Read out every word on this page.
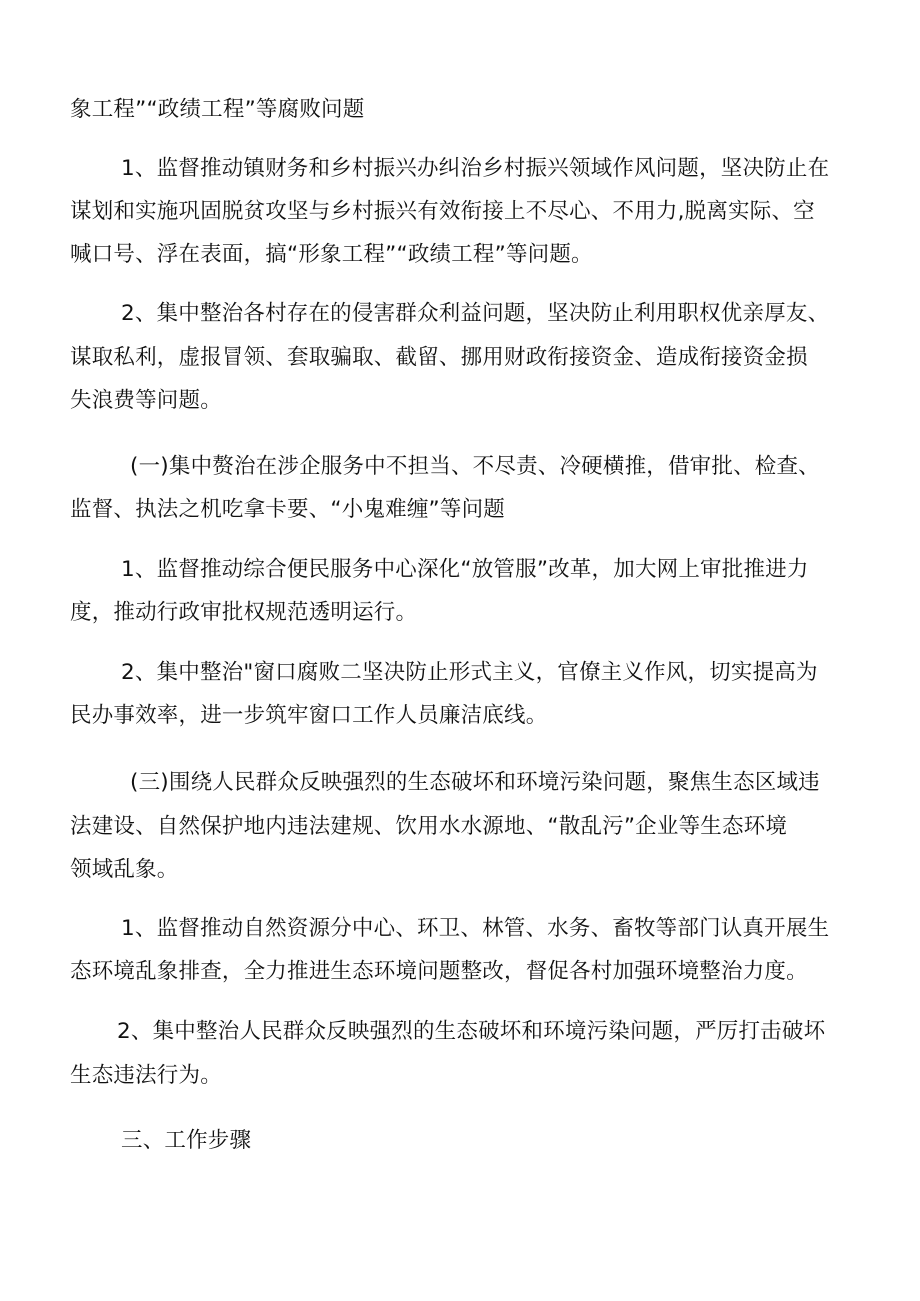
象工程”“政绩工程”等腐败问题
1、监督推动镇财务和乡村振兴办纠治乡村振兴领域作风问题，坚决防止在
谋划和实施巩固脱贫攻坚与乡村振兴有效衔接上不尽心、不用力,脱离实际、空
喊口号、浮在表面，搞“形象工程”“政绩工程”等问题。
2、集中整治各村存在的侵害群众利益问题，坚决防止利用职权优亲厚友、
谋取私利，虚报冒领、套取骗取、截留、挪用财政衔接资金、造成衔接资金损
失浪费等问题。
(一)集中赘治在涉企服务中不担当、不尽责、冷硬横推，借审批、检查、
监督、执法之机吃拿卡要、“小鬼难缠”等问题
1、监督推动综合便民服务中心深化“放管服”改革，加大网上审批推进力
度，推动行政审批权规范透明运行。
2、集中整治"窗口腐败二坚决防止形式主义，官僚主义作风，切实提高为
民办事效率，进一步筑牢窗口工作人员廉洁底线。
(三)围绕人民群众反映强烈的生态破坏和环境污染问题，聚焦生态区域违
法建设、自然保护地内违法建规、饮用水水源地、“散乱污”企业等生态环境
领域乱象。
1、监督推动自然资源分中心、环卫、林管、水务、畜牧等部门认真开展生
态环境乱象排查，全力推进生态环境问题整改，督促各村加强环境整治力度。
2、集中整治人民群众反映强烈的生态破坏和环境污染问题，严厉打击破坏
生态违法行为。
三、工作步骤
